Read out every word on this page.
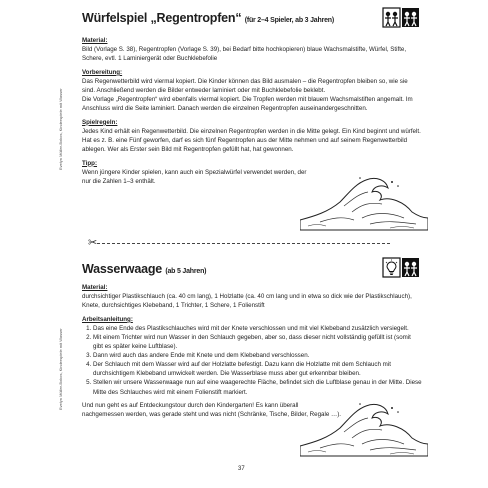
Evelyn Müller-Bokos, Kinderspiele mit Wasser
Evelyn Müller-Bokos, Kinderspiele mit Wasser
Würfelspiel „Regentropfen“ (für 2–4 Spieler, ab 3 Jahren)
Material:
Bild (Vorlage S. 38), Regentropfen (Vorlage S. 39), bei Bedarf bitte hochkopieren) blaue Wachsmalstifte, Würfel, Stifte, Schere, evtl. 1 Laminiergerät oder Buchklebefolie
Vorbereitung:
Das Regenwetterbild wird viermal kopiert. Die Kinder können das Bild ausmalen – die Regentropfen bleiben so, wie sie sind. Anschließend werden die Bilder entweder laminiert oder mit Buchklebefolie beklebt.
Die Vorlage „Regentropfen“ wird ebenfalls viermal kopiert. Die Tropfen werden mit blauem Wachsmalstiften angemalt. Im Anschluss wird die Seite laminiert. Danach werden die einzelnen Regentropfen auseinandergeschnitten.
Spielregeln:
Jedes Kind erhält ein Regenwetterbild. Die einzelnen Regentropfen werden in die Mitte gelegt. Ein Kind beginnt und würfelt. Hat es z. B. eine Fünf geworfen, darf es sich fünf Regentropfen aus der Mitte nehmen und auf seinem Regenwetterbild ablegen. Wer als Erster sein Bild mit Regentropfen gefüllt hat, hat gewonnen.
Tipp:
Wenn jüngere Kinder spielen, kann auch ein Spezialwürfel verwendet werden, der nur die Zahlen 1–3 enthält.
✂
Wasserwaage (ab 5 Jahren)
Material:
durchsichtiger Plastikschlauch (ca. 40 cm lang), 1 Holzlatte (ca. 40 cm lang und in etwa so dick wie der Plastikschlauch), Knete, durchsichtiges Klebeband, 1 Trichter, 1 Schere, 1 Folienstift
Arbeitsanleitung:
1. Das eine Ende des Plastikschlauches wird mit der Knete verschlossen und mit viel Klebeband zusätzlich versiegelt.
2. Mit einem Trichter wird nun Wasser in den Schlauch gegeben, aber so, dass dieser nicht vollständig gefüllt ist (somit gibt es später keine Luftblase).
3. Dann wird auch das andere Ende mit Knete und dem Klebeband verschlossen.
4. Der Schlauch mit dem Wasser wird auf der Holzlatte befestigt. Dazu kann die Holzlatte mit dem Schlauch mit durchsichtigem Klebeband umwickelt werden. Die Wasserblase muss aber gut erkennbar bleiben.
5. Stellen wir unsere Wasserwaage nun auf eine waagerechte Fläche, befindet sich die Luftblase genau in der Mitte. Diese Mitte des Schlauches wird mit einem Folienstift markiert.
Und nun geht es auf Entdeckungstour durch den Kindergarten! Es kann überall nachgemessen werden, was gerade steht und was nicht (Schränke, Tische, Bilder, Regale …).
37
